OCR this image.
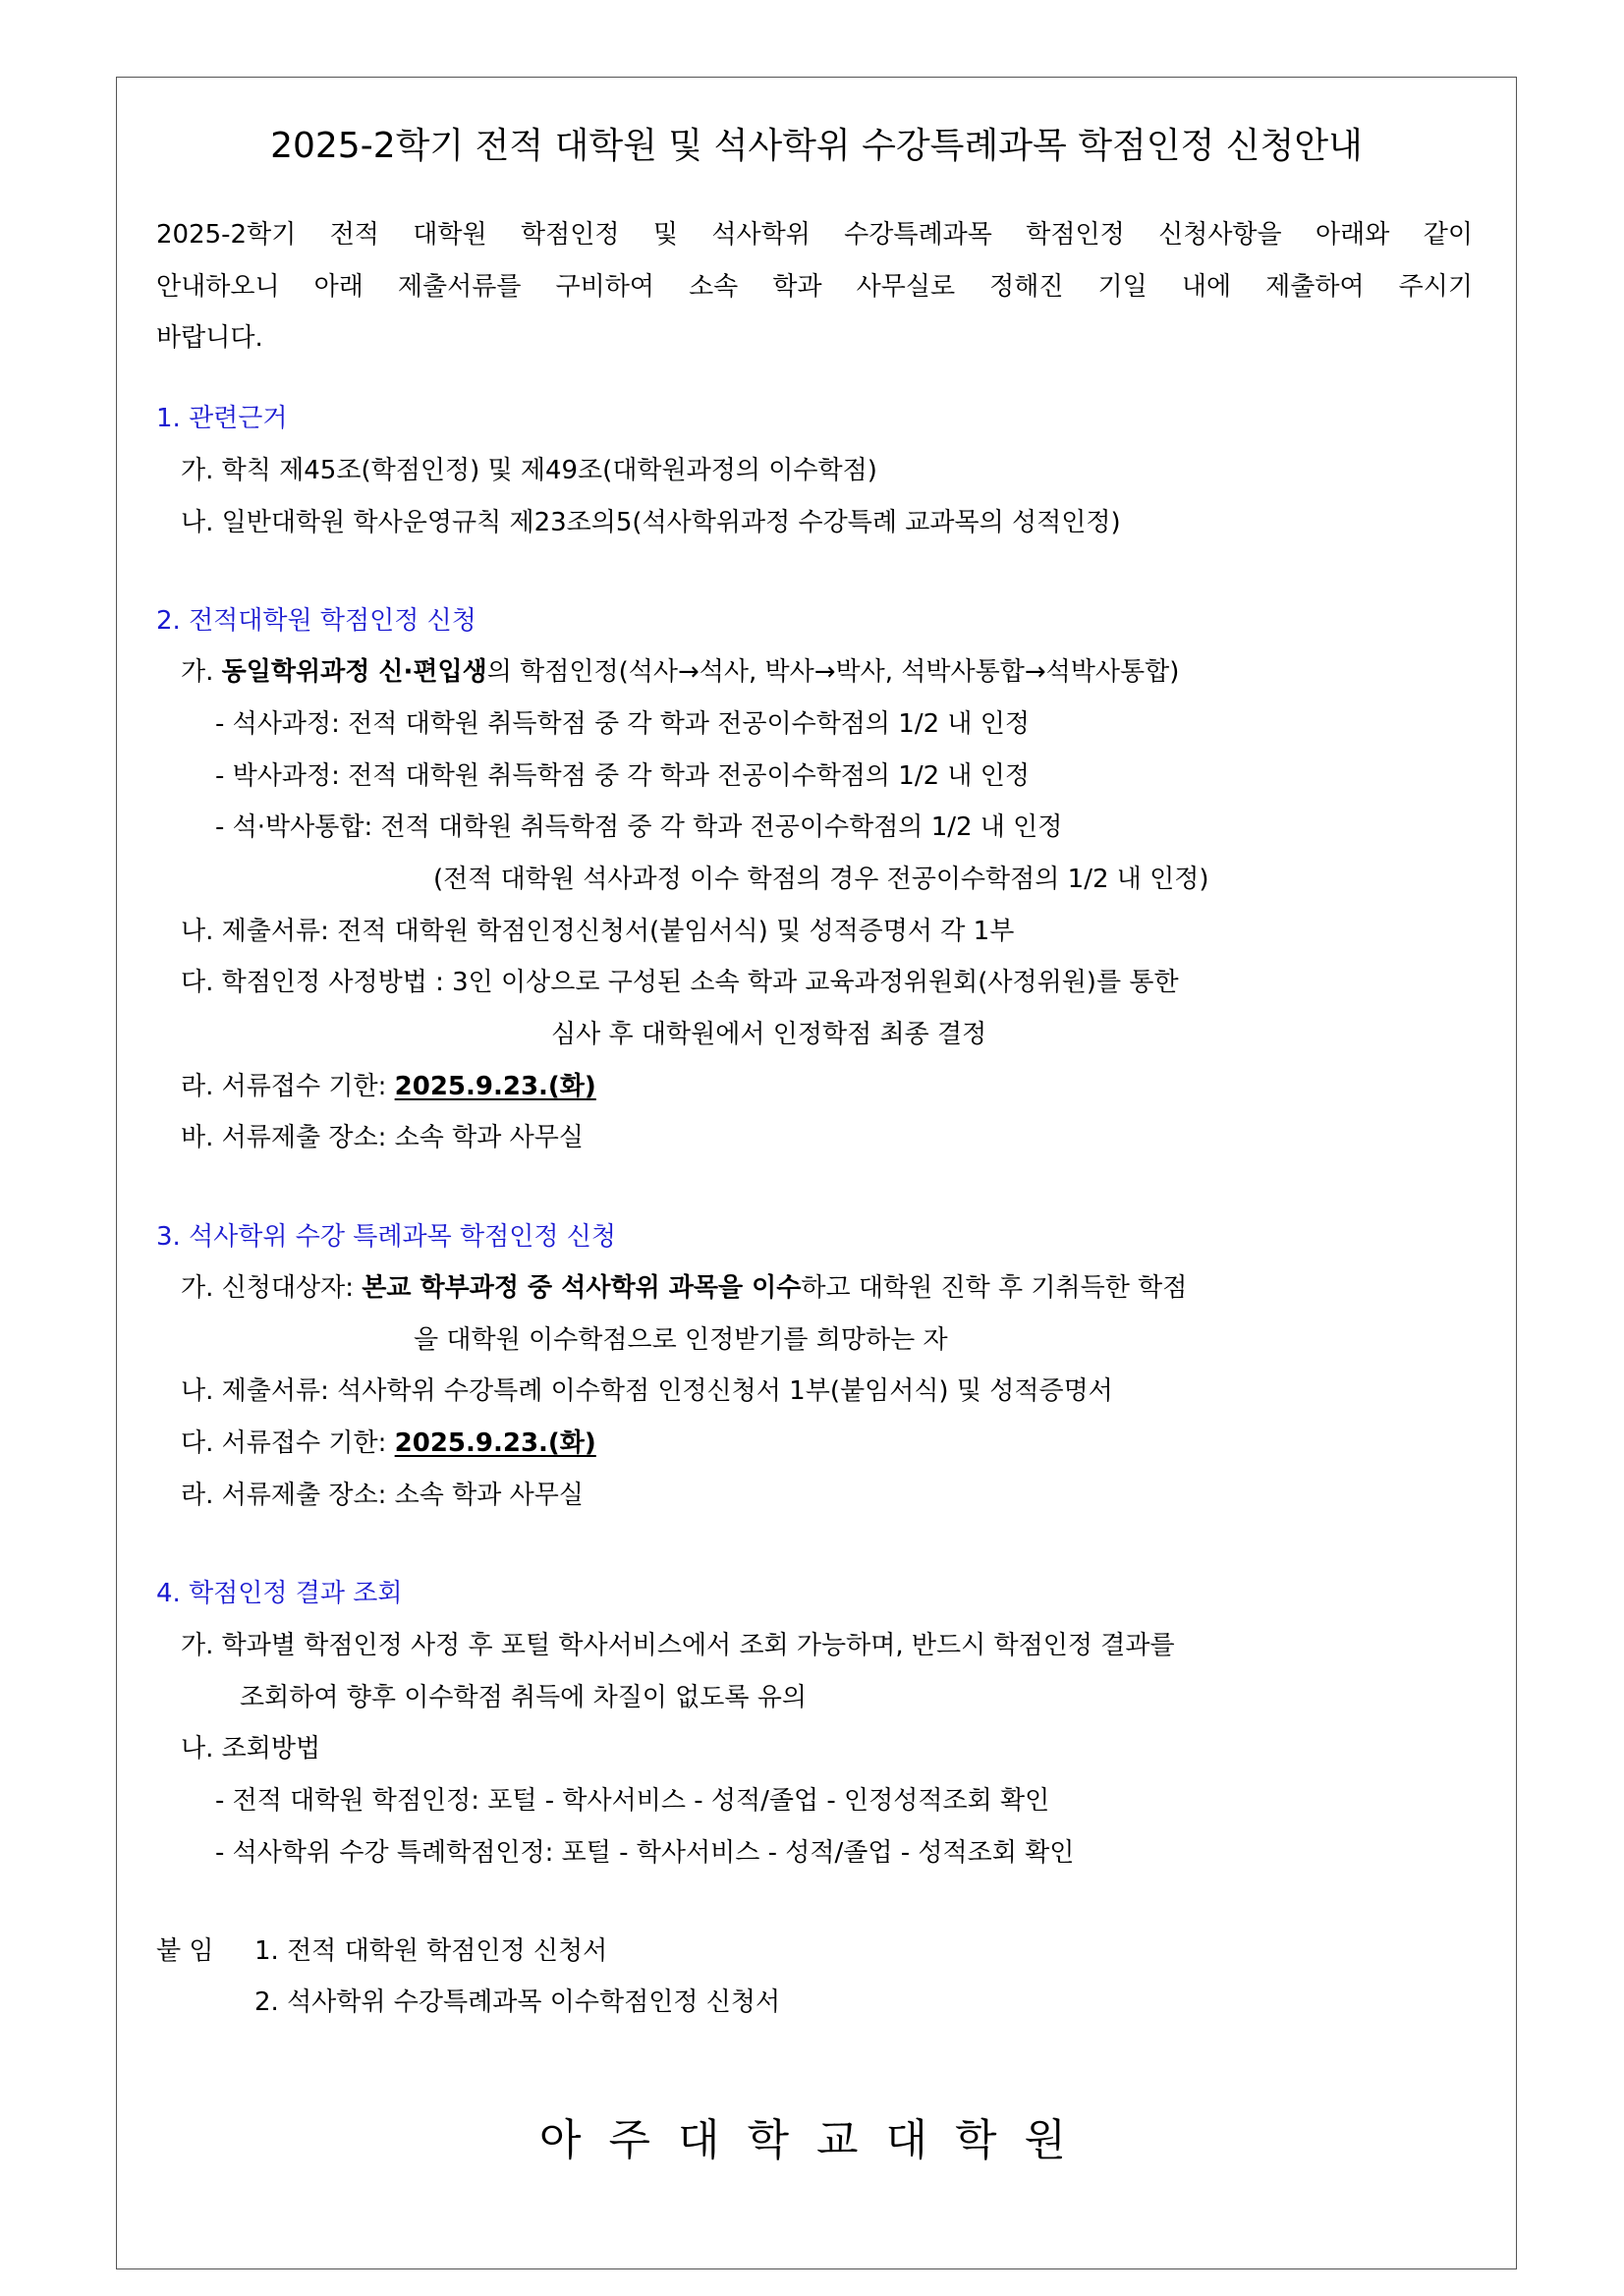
2025-2학기 전적 대학원 및 석사학위 수강특례과목 학점인정 신청안내
2025-2학기 전적 대학원 학점인정 및 석사학위 수강특례과목 학점인정 신청사항을 아래와 같이
안내하오니 아래 제출서류를 구비하여 소속 학과 사무실로 정해진 기일 내에 제출하여 주시기
바랍니다.
1. 관련근거
가. 학칙 제45조(학점인정) 및 제49조(대학원과정의 이수학점)
나. 일반대학원 학사운영규칙 제23조의5(석사학위과정 수강특례 교과목의 성적인정)
2. 전적대학원 학점인정 신청
가. 동일학위과정 신·편입생의 학점인정(석사→석사, 박사→박사, 석박사통합→석박사통합)
- 석사과정: 전적 대학원 취득학점 중 각 학과 전공이수학점의 1/2 내 인정
- 박사과정: 전적 대학원 취득학점 중 각 학과 전공이수학점의 1/2 내 인정
- 석·박사통합: 전적 대학원 취득학점 중 각 학과 전공이수학점의 1/2 내 인정
(전적 대학원 석사과정 이수 학점의 경우 전공이수학점의 1/2 내 인정)
나. 제출서류: 전적 대학원 학점인정신청서(붙임서식) 및 성적증명서 각 1부
다. 학점인정 사정방법 : 3인 이상으로 구성된 소속 학과 교육과정위원회(사정위원)를 통한
심사 후 대학원에서 인정학점 최종 결정
라. 서류접수 기한: 2025.9.23.(화)
바. 서류제출 장소: 소속 학과 사무실
3. 석사학위 수강 특례과목 학점인정 신청
가. 신청대상자: 본교 학부과정 중 석사학위 과목을 이수하고 대학원 진학 후 기취득한 학점
을 대학원 이수학점으로 인정받기를 희망하는 자
나. 제출서류: 석사학위 수강특례 이수학점 인정신청서 1부(붙임서식) 및 성적증명서
다. 서류접수 기한: 2025.9.23.(화)
라. 서류제출 장소: 소속 학과 사무실
4. 학점인정 결과 조회
가. 학과별 학점인정 사정 후 포털 학사서비스에서 조회 가능하며, 반드시 학점인정 결과를
조회하여 향후 이수학점 취득에 차질이 없도록 유의
나. 조회방법
- 전적 대학원 학점인정: 포털 - 학사서비스 - 성적/졸업 - 인정성적조회 확인
- 석사학위 수강 특례학점인정: 포털 - 학사서비스 - 성적/졸업 - 성적조회 확인
붙 임 1. 전적 대학원 학점인정 신청서
2. 석사학위 수강특례과목 이수학점인정 신청서
아주대학교대학원
